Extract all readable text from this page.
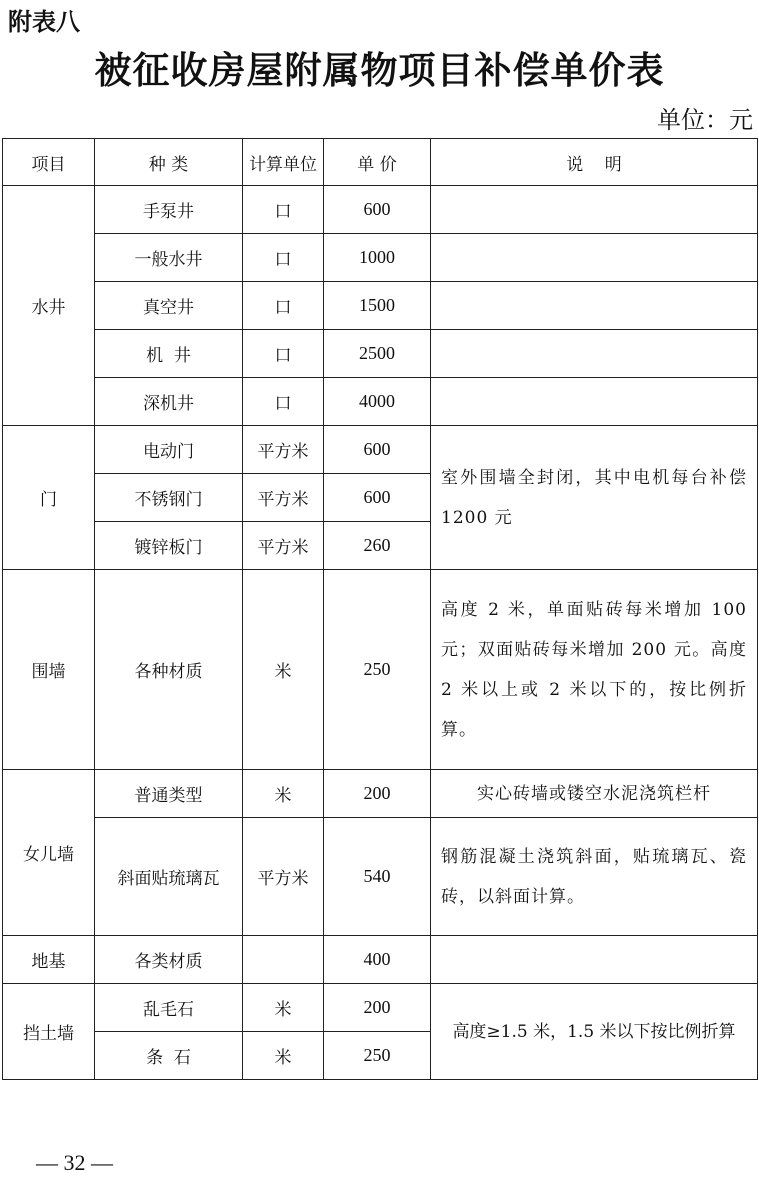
附表八
被征收房屋附属物项目补偿单价表
单位：元
项目	种 类	计算单位	单 价	说    明
水井	手泵井	口	600	
	一般水井	口	1000	
	真空井	口	1500	
	机  井	口	2500	
	深机井	口	4000	
门	电动门	平方米	600	室外围墙全封闭，其中电机每台补偿 1200 元
	不锈钢门	平方米	600	
	镀锌板门	平方米	260	
围墙	各种材质	米	250	高度 2 米，单面贴砖每米增加 100 元；双面贴砖每米增加 200 元。高度 2 米以上或 2 米以下的，按比例折算。
女儿墙	普通类型	米	200	实心砖墙或镂空水泥浇筑栏杆
	斜面贴琉璃瓦	平方米	540	钢筋混凝土浇筑斜面，贴琉璃瓦、瓷砖，以斜面计算。
地基	各类材质		400	
挡土墙	乱毛石	米	200	高度≥1.5 米，1.5 米以下按比例折算
	条  石	米	250	
— 32 —
